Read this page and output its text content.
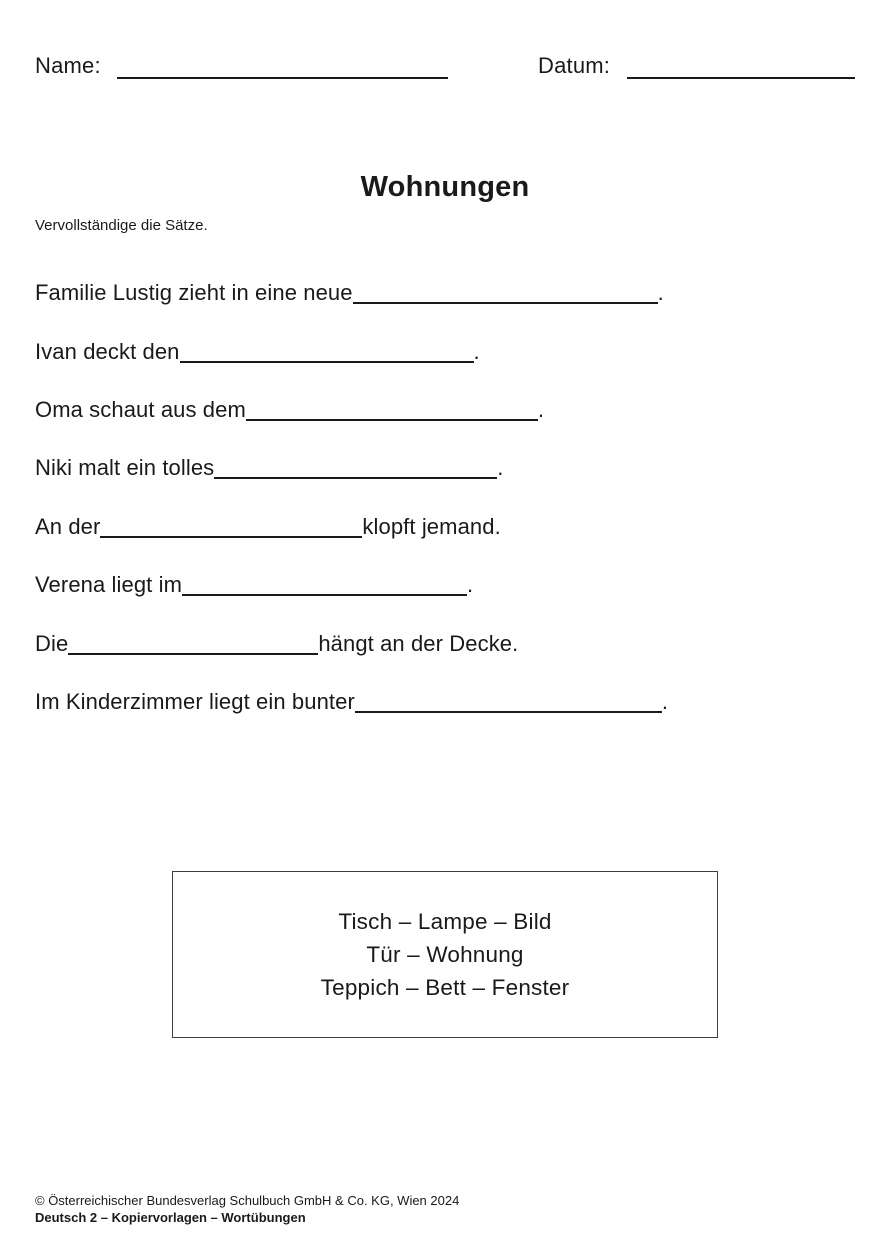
Name:	Datum:
Wohnungen
Vervollständige die Sätze.
Familie Lustig zieht in eine neue	.
Ivan deckt den	.
Oma schaut aus dem	.
Niki malt ein tolles	.
An der	klopft jemand.
Verena liegt im	.
Die	hängt an der Decke.
Im Kinderzimmer liegt ein bunter	.
Tisch – Lampe – Bild
Tür – Wohnung
Teppich – Bett – Fenster
© Österreichischer Bundesverlag Schulbuch GmbH & Co. KG, Wien 2024
Deutsch 2 – Kopiervorlagen – Wortübungen
